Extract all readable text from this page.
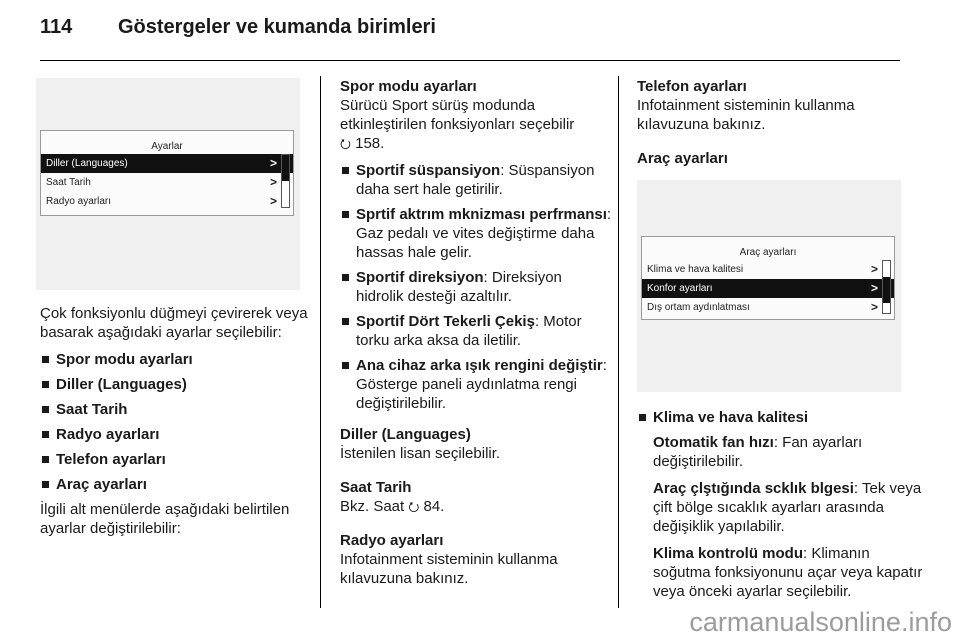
114 Göstergeler ve kumanda birimleri
Ayarlar
Diller (Languages)	>
Saat Tarih	>
Radyo ayarları	>

Çok fonksiyonlu düğmeyi çevirerek veya basarak aşağıdaki ayarlar seçilebilir:

Spor modu ayarları
Diller (Languages)
Saat Tarih
Radyo ayarları
Telefon ayarları
Araç ayarları

İlgili alt menülerde aşağıdaki belirtilen ayarlar değiştirilebilir:

Spor modu ayarları

Sürücü Sport sürüş modunda etkinleştirilen fonksiyonları seçebilir
⭮ 158.

Sportif süspansiyon: Süspansiyon daha sert hale getirilir.
Sprtif aktrım mknizması perfrmansı: Gaz pedalı ve vites değiştirme daha hassas hale gelir.
Sportif direksiyon: Direksiyon hidrolik desteği azaltılır.
Sportif Dört Tekerli Çekiş: Motor torku arka aksa da iletilir.
Ana cihaz arka ışık rengini değiştir: Gösterge paneli aydınlatma rengi değiştirilebilir.

Diller (Languages)

İstenilen lisan seçilebilir.

Saat Tarih

Bkz. Saat ⭮ 84.

Radyo ayarları

Infotainment sisteminin kullanma kılavuzuna bakınız.

Telefon ayarları

Infotainment sisteminin kullanma kılavuzuna bakınız.

Araç ayarları

Araç ayarları
Klima ve hava kalitesi	>
Konfor ayarları	>
Dış ortam aydınlatması	>
Klima ve hava kalitesi

Otomatik fan hızı: Fan ayarları değiştirilebilir.

Araç çlştığında scklık blgesi: Tek veya çift bölge sıcaklık ayarları arasında değişiklik yapılabilir.

Klima kontrolü modu: Klimanın soğutma fonksiyonunu açar veya kapatır veya önceki ayarlar seçilebilir.

carmanualsonline.info
